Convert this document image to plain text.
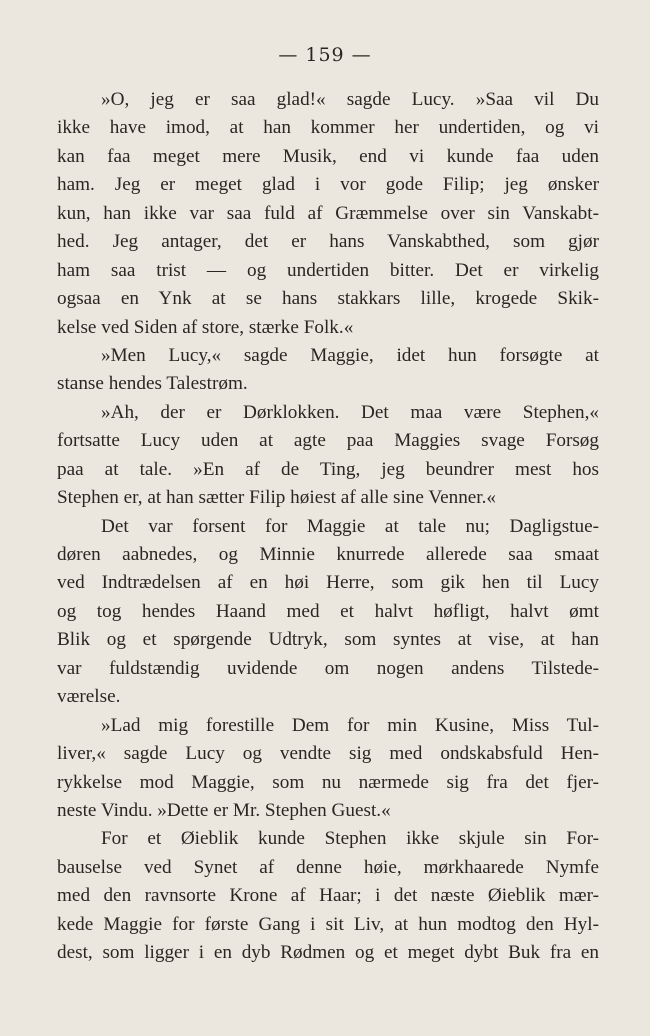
— 159 —
»O, jeg er saa glad!« sagde Lucy. »Saa vil Du
ikke have imod, at han kommer her undertiden, og vi
kan faa meget mere Musik, end vi kunde faa uden
ham. Jeg er meget glad i vor gode Filip; jeg ønsker
kun, han ikke var saa fuld af Græmmelse over sin Vanskabt-
hed. Jeg antager, det er hans Vanskabthed, som gjør
ham saa trist — og undertiden bitter. Det er virkelig
ogsaa en Ynk at se hans stakkars lille, krogede Skik-
kelse ved Siden af store, stærke Folk.«
»Men Lucy,« sagde Maggie, idet hun forsøgte at
stanse hendes Talestrøm.
»Ah, der er Dørklokken. Det maa være Stephen,«
fortsatte Lucy uden at agte paa Maggies svage Forsøg
paa at tale. »En af de Ting, jeg beundrer mest hos
Stephen er, at han sætter Filip høiest af alle sine Venner.«
Det var forsent for Maggie at tale nu; Dagligstue-
døren aabnedes, og Minnie knurrede allerede saa smaat
ved Indtrædelsen af en høi Herre, som gik hen til Lucy
og tog hendes Haand med et halvt høfligt, halvt ømt
Blik og et spørgende Udtryk, som syntes at vise, at han
var fuldstændig uvidende om nogen andens Tilstede-
værelse.
»Lad mig forestille Dem for min Kusine, Miss Tul-
liver,« sagde Lucy og vendte sig med ondskabsfuld Hen-
rykkelse mod Maggie, som nu nærmede sig fra det fjer-
neste Vindu. »Dette er Mr. Stephen Guest.«
For et Øieblik kunde Stephen ikke skjule sin For-
bauselse ved Synet af denne høie, mørkhaarede Nymfe
med den ravnsorte Krone af Haar; i det næste Øieblik mær-
kede Maggie for første Gang i sit Liv, at hun modtog den Hyl-
dest, som ligger i en dyb Rødmen og et meget dybt Buk fra en
